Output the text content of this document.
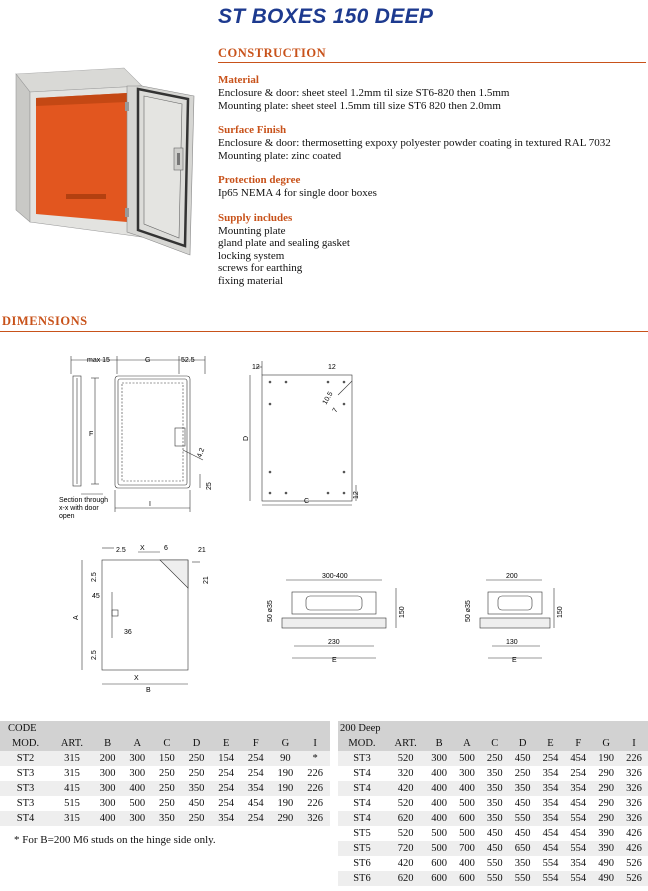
ST BOXES 150 DEEP
CONSTRUCTION
Material
Enclosure & door: sheet steel 1.2mm til size ST6-820 then 1.5mm
Mounting plate: sheet steel 1.5mm till size ST6 820 then 2.0mm
Surface Finish
Enclosure & door: thermosetting expoxy polyester powder coating in textured RAL 7032
Mounting plate: zinc coated
Protection degree
Ip65 NEMA 4 for single door boxes
Supply includes
Mounting plate
gland plate and sealing gasket
locking system
screws for earthing
fixing material
DIMENSIONS
max 15	G	52.5
F
I
4.2
25
Section through
x-x with door
open
12	12
12
10.5
7
D
C
2.5 X	6	21
21
2.5
45
A
36
2.5
X
B
300-400
50 ø35	150
230
E
200
50 ø35	150
130
E
CODE									
MOD.	ART.	B	A	C	D	E	F	G	I
ST2	315	200	300	150	250	154	254	90	*
ST3	315	300	300	250	250	254	254	190	226
ST3	415	300	400	250	350	254	354	190	226
ST3	515	300	500	250	450	254	454	190	226
ST4	315	400	300	350	250	354	254	290	326
* For B=200 M6 studs on the hinge side only.
200 Deep									
MOD.	ART.	B	A	C	D	E	F	G	I
ST3	520	300	500	250	450	254	454	190	226
ST4	320	400	300	350	250	354	254	290	326
ST4	420	400	400	350	350	354	354	290	326
ST4	520	400	500	350	450	354	454	290	326
ST4	620	400	600	350	550	354	554	290	326
ST5	520	500	500	450	450	454	454	390	426
ST5	720	500	700	450	650	454	554	390	426
ST6	420	600	400	550	350	554	354	490	526
ST6	620	600	600	550	550	554	554	490	526
